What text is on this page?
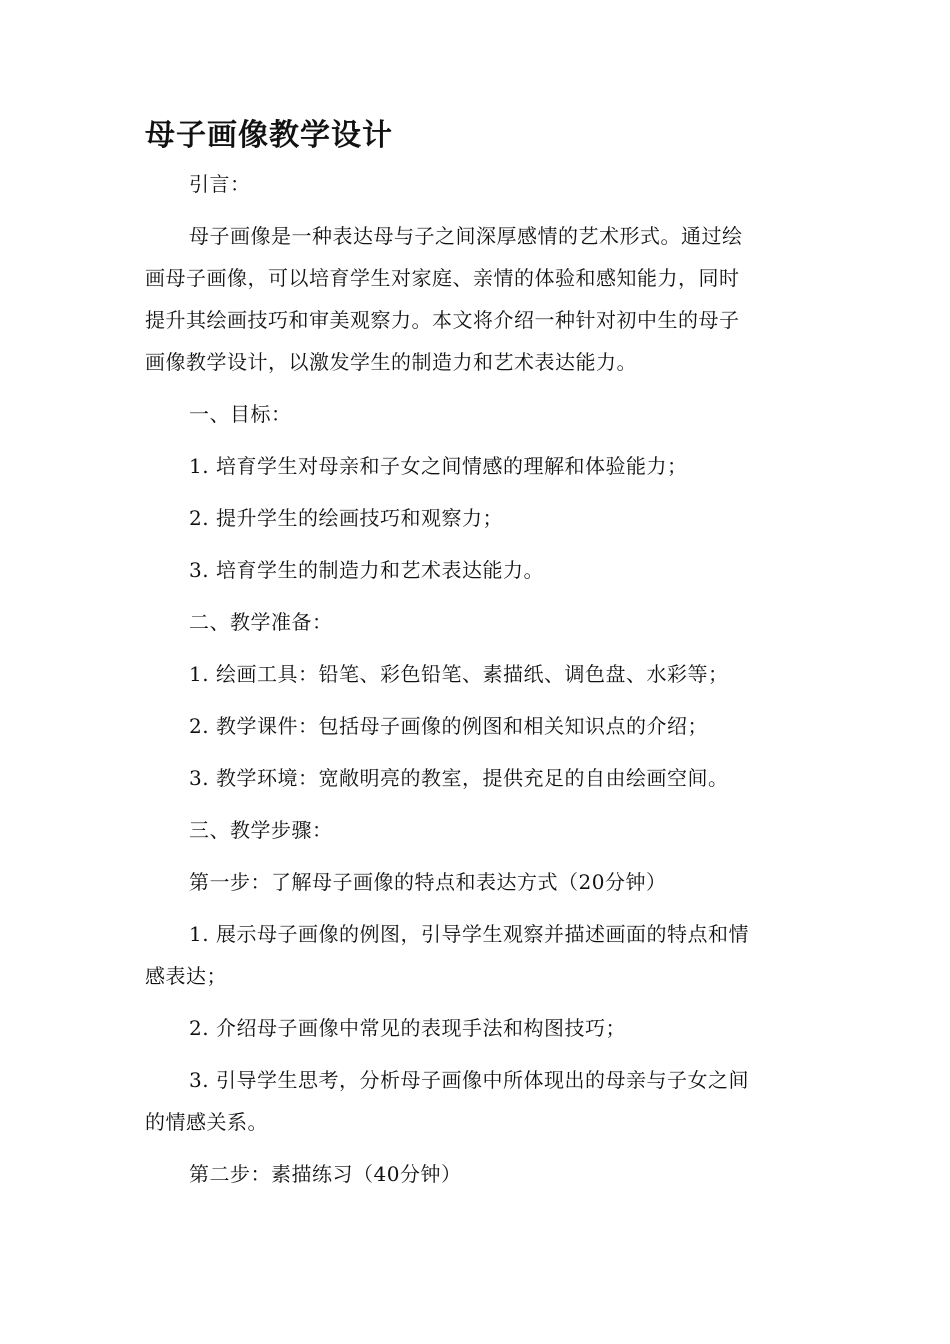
母子画像教学设计

引言：

母子画像是一种表达母与子之间深厚感情的艺术形式。通过绘
画母子画像，可以培育学生对家庭、亲情的体验和感知能力，同时
提升其绘画技巧和审美观察力。本文将介绍一种针对初中生的母子
画像教学设计，以激发学生的制造力和艺术表达能力。

一、目标：

1. 培育学生对母亲和子女之间情感的理解和体验能力；

2. 提升学生的绘画技巧和观察力；

3. 培育学生的制造力和艺术表达能力。

二、教学准备：

1. 绘画工具：铅笔、彩色铅笔、素描纸、调色盘、水彩等；

2. 教学课件：包括母子画像的例图和相关知识点的介绍；

3. 教学环境：宽敞明亮的教室，提供充足的自由绘画空间。

三、教学步骤：

第一步：了解母子画像的特点和表达方式（20分钟）

1. 展示母子画像的例图，引导学生观察并描述画面的特点和情
感表达；

2. 介绍母子画像中常见的表现手法和构图技巧；

3. 引导学生思考，分析母子画像中所体现出的母亲与子女之间
的情感关系。

第二步：素描练习（40分钟）
